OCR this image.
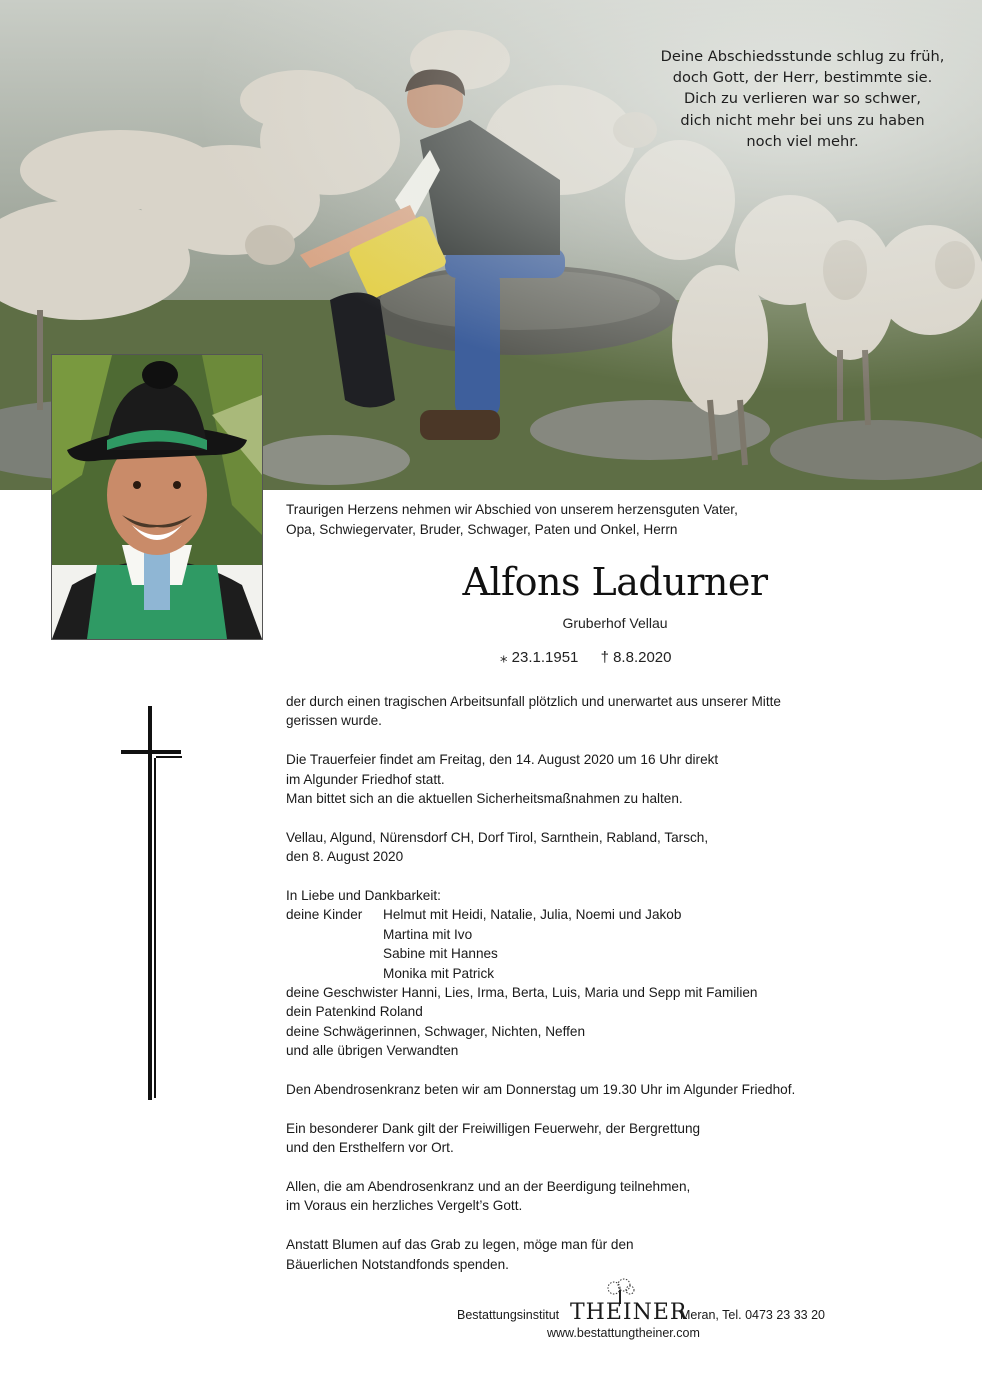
Deine Abschiedsstunde schlug zu früh,
doch Gott, der Herr, bestimmte sie.
Dich zu verlieren war so schwer,
dich nicht mehr bei uns zu haben
noch viel mehr.
Traurigen Herzens nehmen wir Abschied von unserem herzensguten Vater,
Opa, Schwiegervater, Bruder, Schwager, Paten und Onkel, Herrn
Alfons Ladurner
Gruberhof Vellau
⁎ 23.1.1951 † 8.8.2020

der durch einen tragischen Arbeitsunfall plötzlich und unerwartet aus unserer Mitte
gerissen wurde.

Die Trauerfeier findet am Freitag, den 14. August 2020 um 16 Uhr direkt
im Algunder Friedhof statt.
Man bittet sich an die aktuellen Sicherheitsmaßnahmen zu halten.

Vellau, Algund, Nürensdorf CH, Dorf Tirol, Sarnthein, Rabland, Tarsch,
den 8. August 2020

In Liebe und Dankbarkeit:

deine Kinder	Helmut mit Heidi, Natalie, Julia, Noemi und Jakob
Martina mit Ivo
Sabine mit Hannes
Monika mit Patrick
deine Geschwister Hanni, Lies, Irma, Berta, Luis, Maria und Sepp mit Familien
dein Patenkind Roland
deine Schwägerinnen, Schwager, Nichten, Neffen
und alle übrigen Verwandten

Den Abendrosenkranz beten wir am Donnerstag um 19.30 Uhr im Algunder Friedhof.

Ein besonderer Dank gilt der Freiwilligen Feuerwehr, der Bergrettung
und den Ersthelfern vor Ort.

Allen, die am Abendrosenkranz und an der Beerdigung teilnehmen,
im Voraus ein herzliches Vergelt’s Gott.

Anstatt Blumen auf das Grab zu legen, möge man für den
Bäuerlichen Notstandfonds spenden.

Bestattungsinstitut THEINER
Meran, Tel. 0473 23 33 20
www.bestattungtheiner.com
